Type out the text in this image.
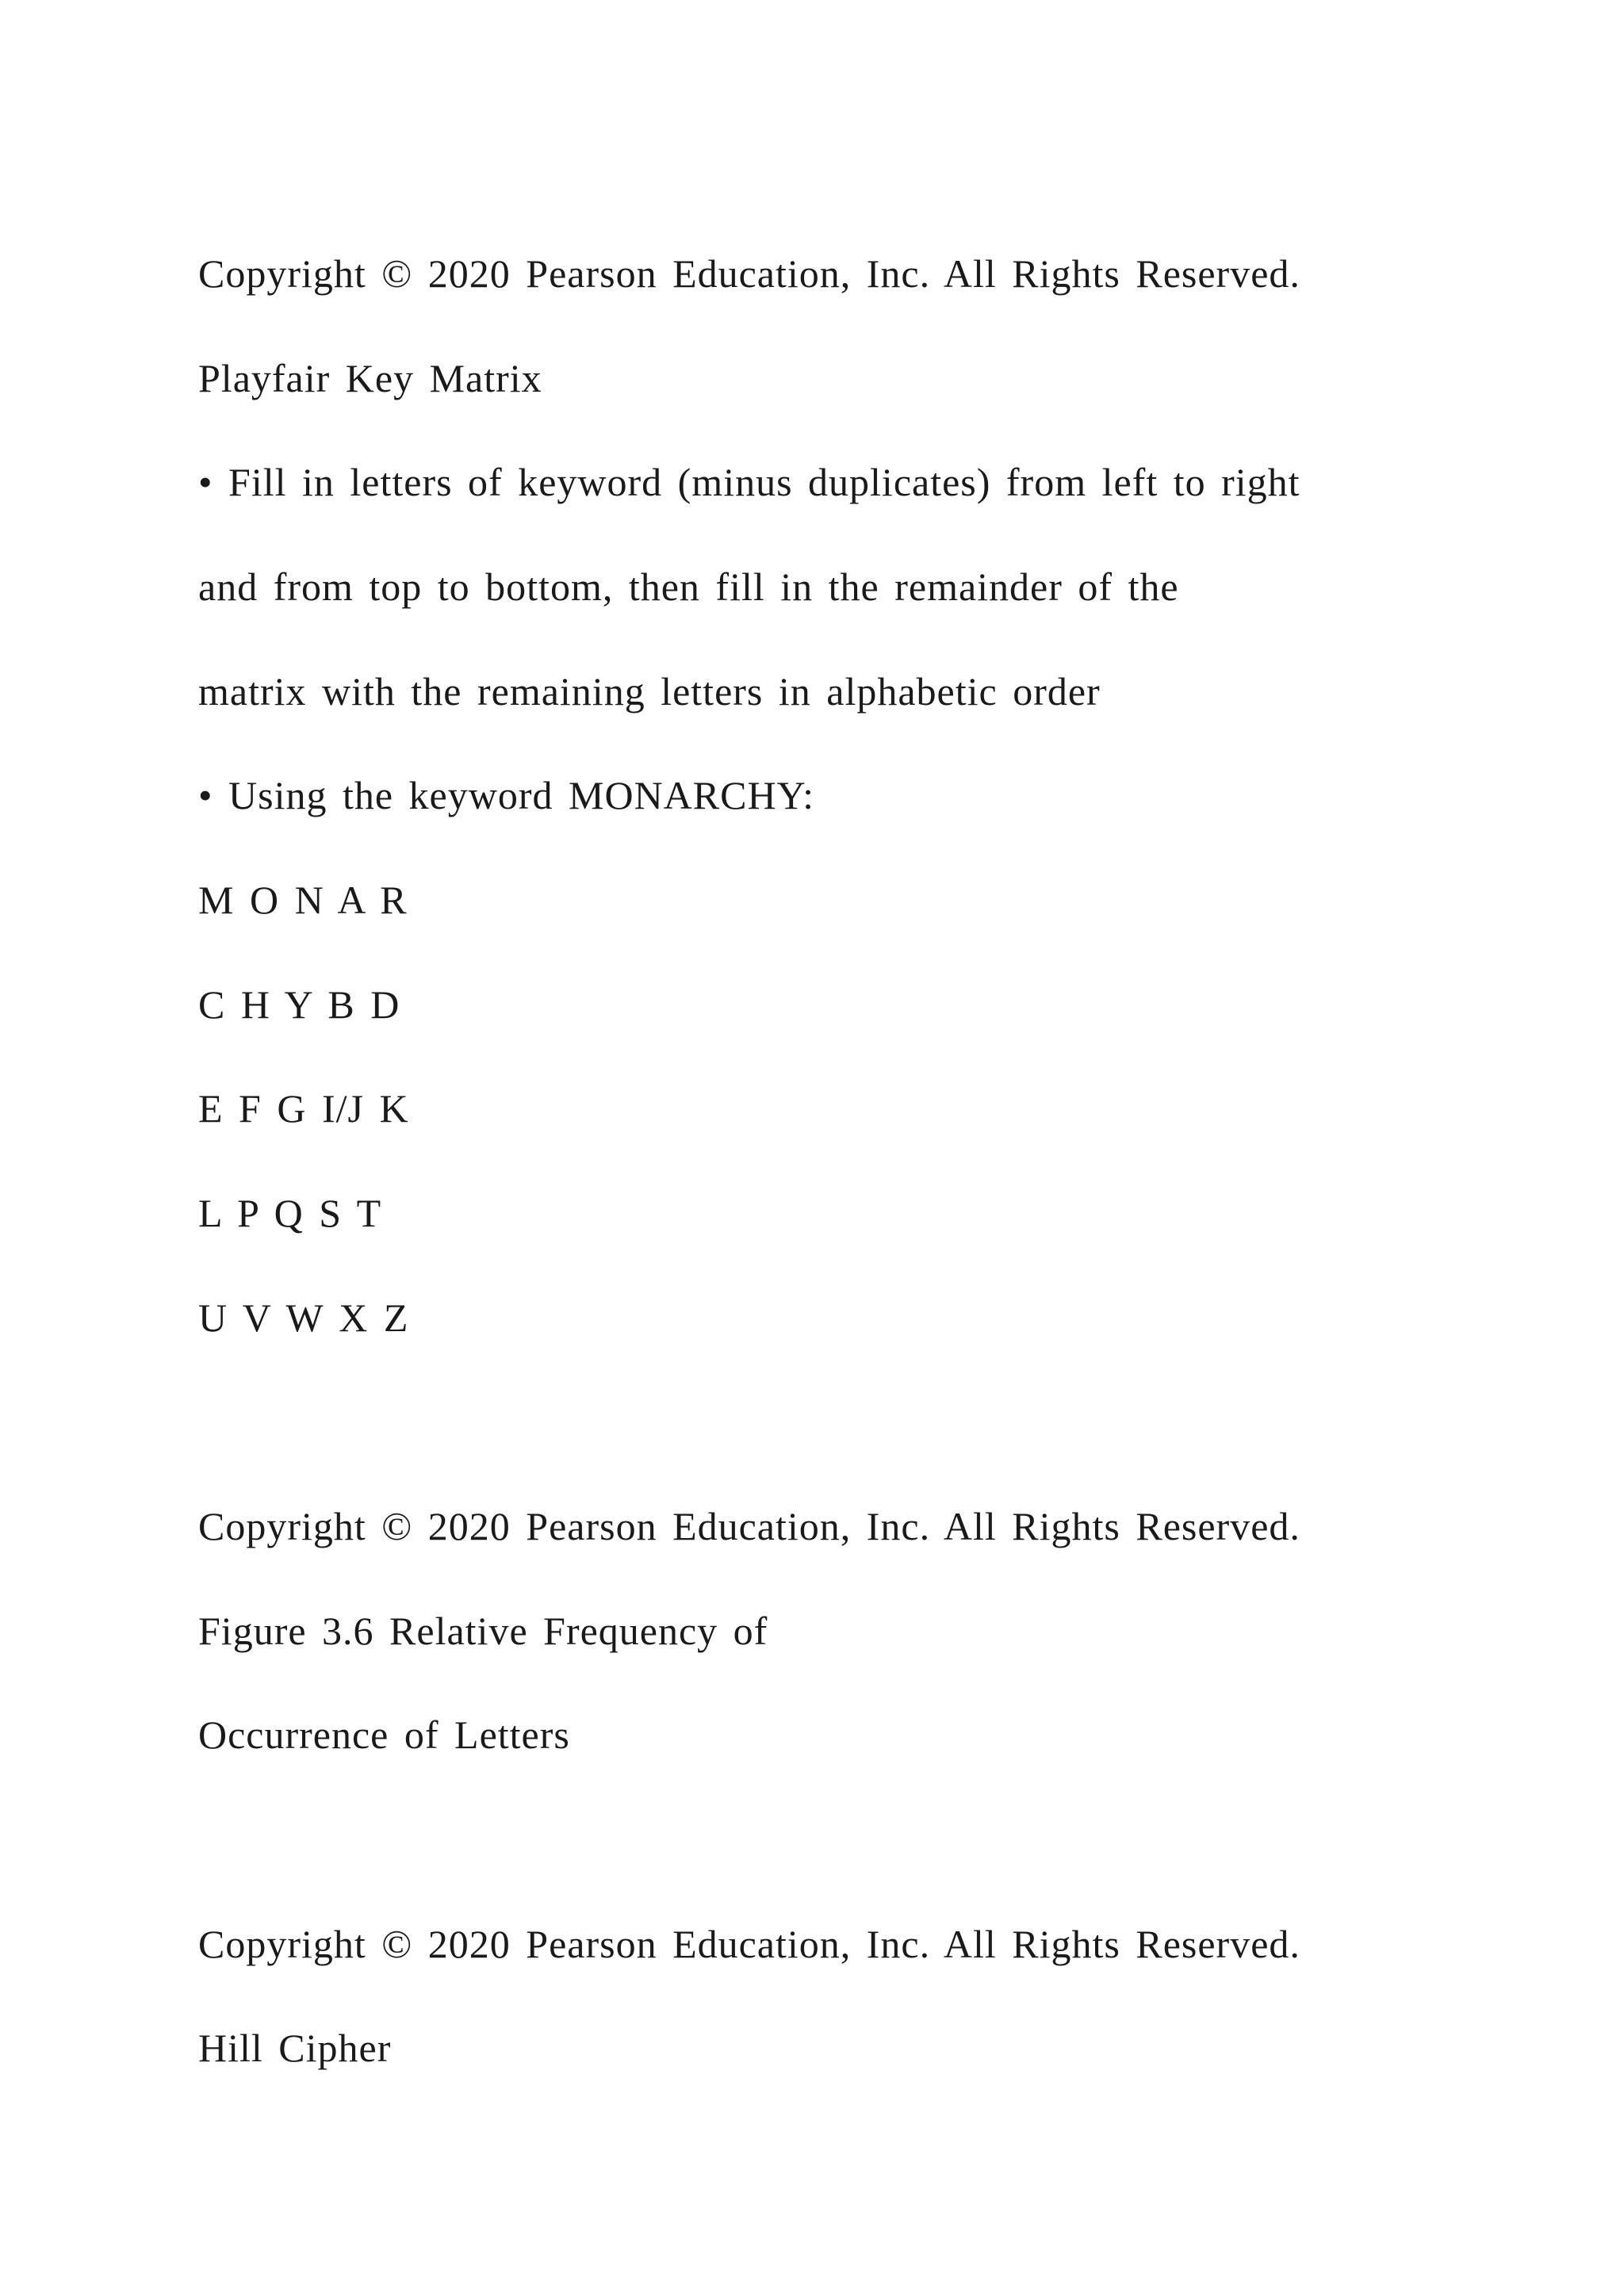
Copyright © 2020 Pearson Education, Inc. All Rights Reserved.
Playfair Key Matrix
• Fill in letters of keyword (minus duplicates) from left to right
and from top to bottom, then fill in the remainder of the
matrix with the remaining letters in alphabetic order
• Using the keyword MONARCHY:
M O N A R
C H Y B D
E F G I/J K
L P Q S T
U V W X Z
Copyright © 2020 Pearson Education, Inc. All Rights Reserved.
Figure 3.6 Relative Frequency of
Occurrence of Letters
Copyright © 2020 Pearson Education, Inc. All Rights Reserved.
Hill Cipher
